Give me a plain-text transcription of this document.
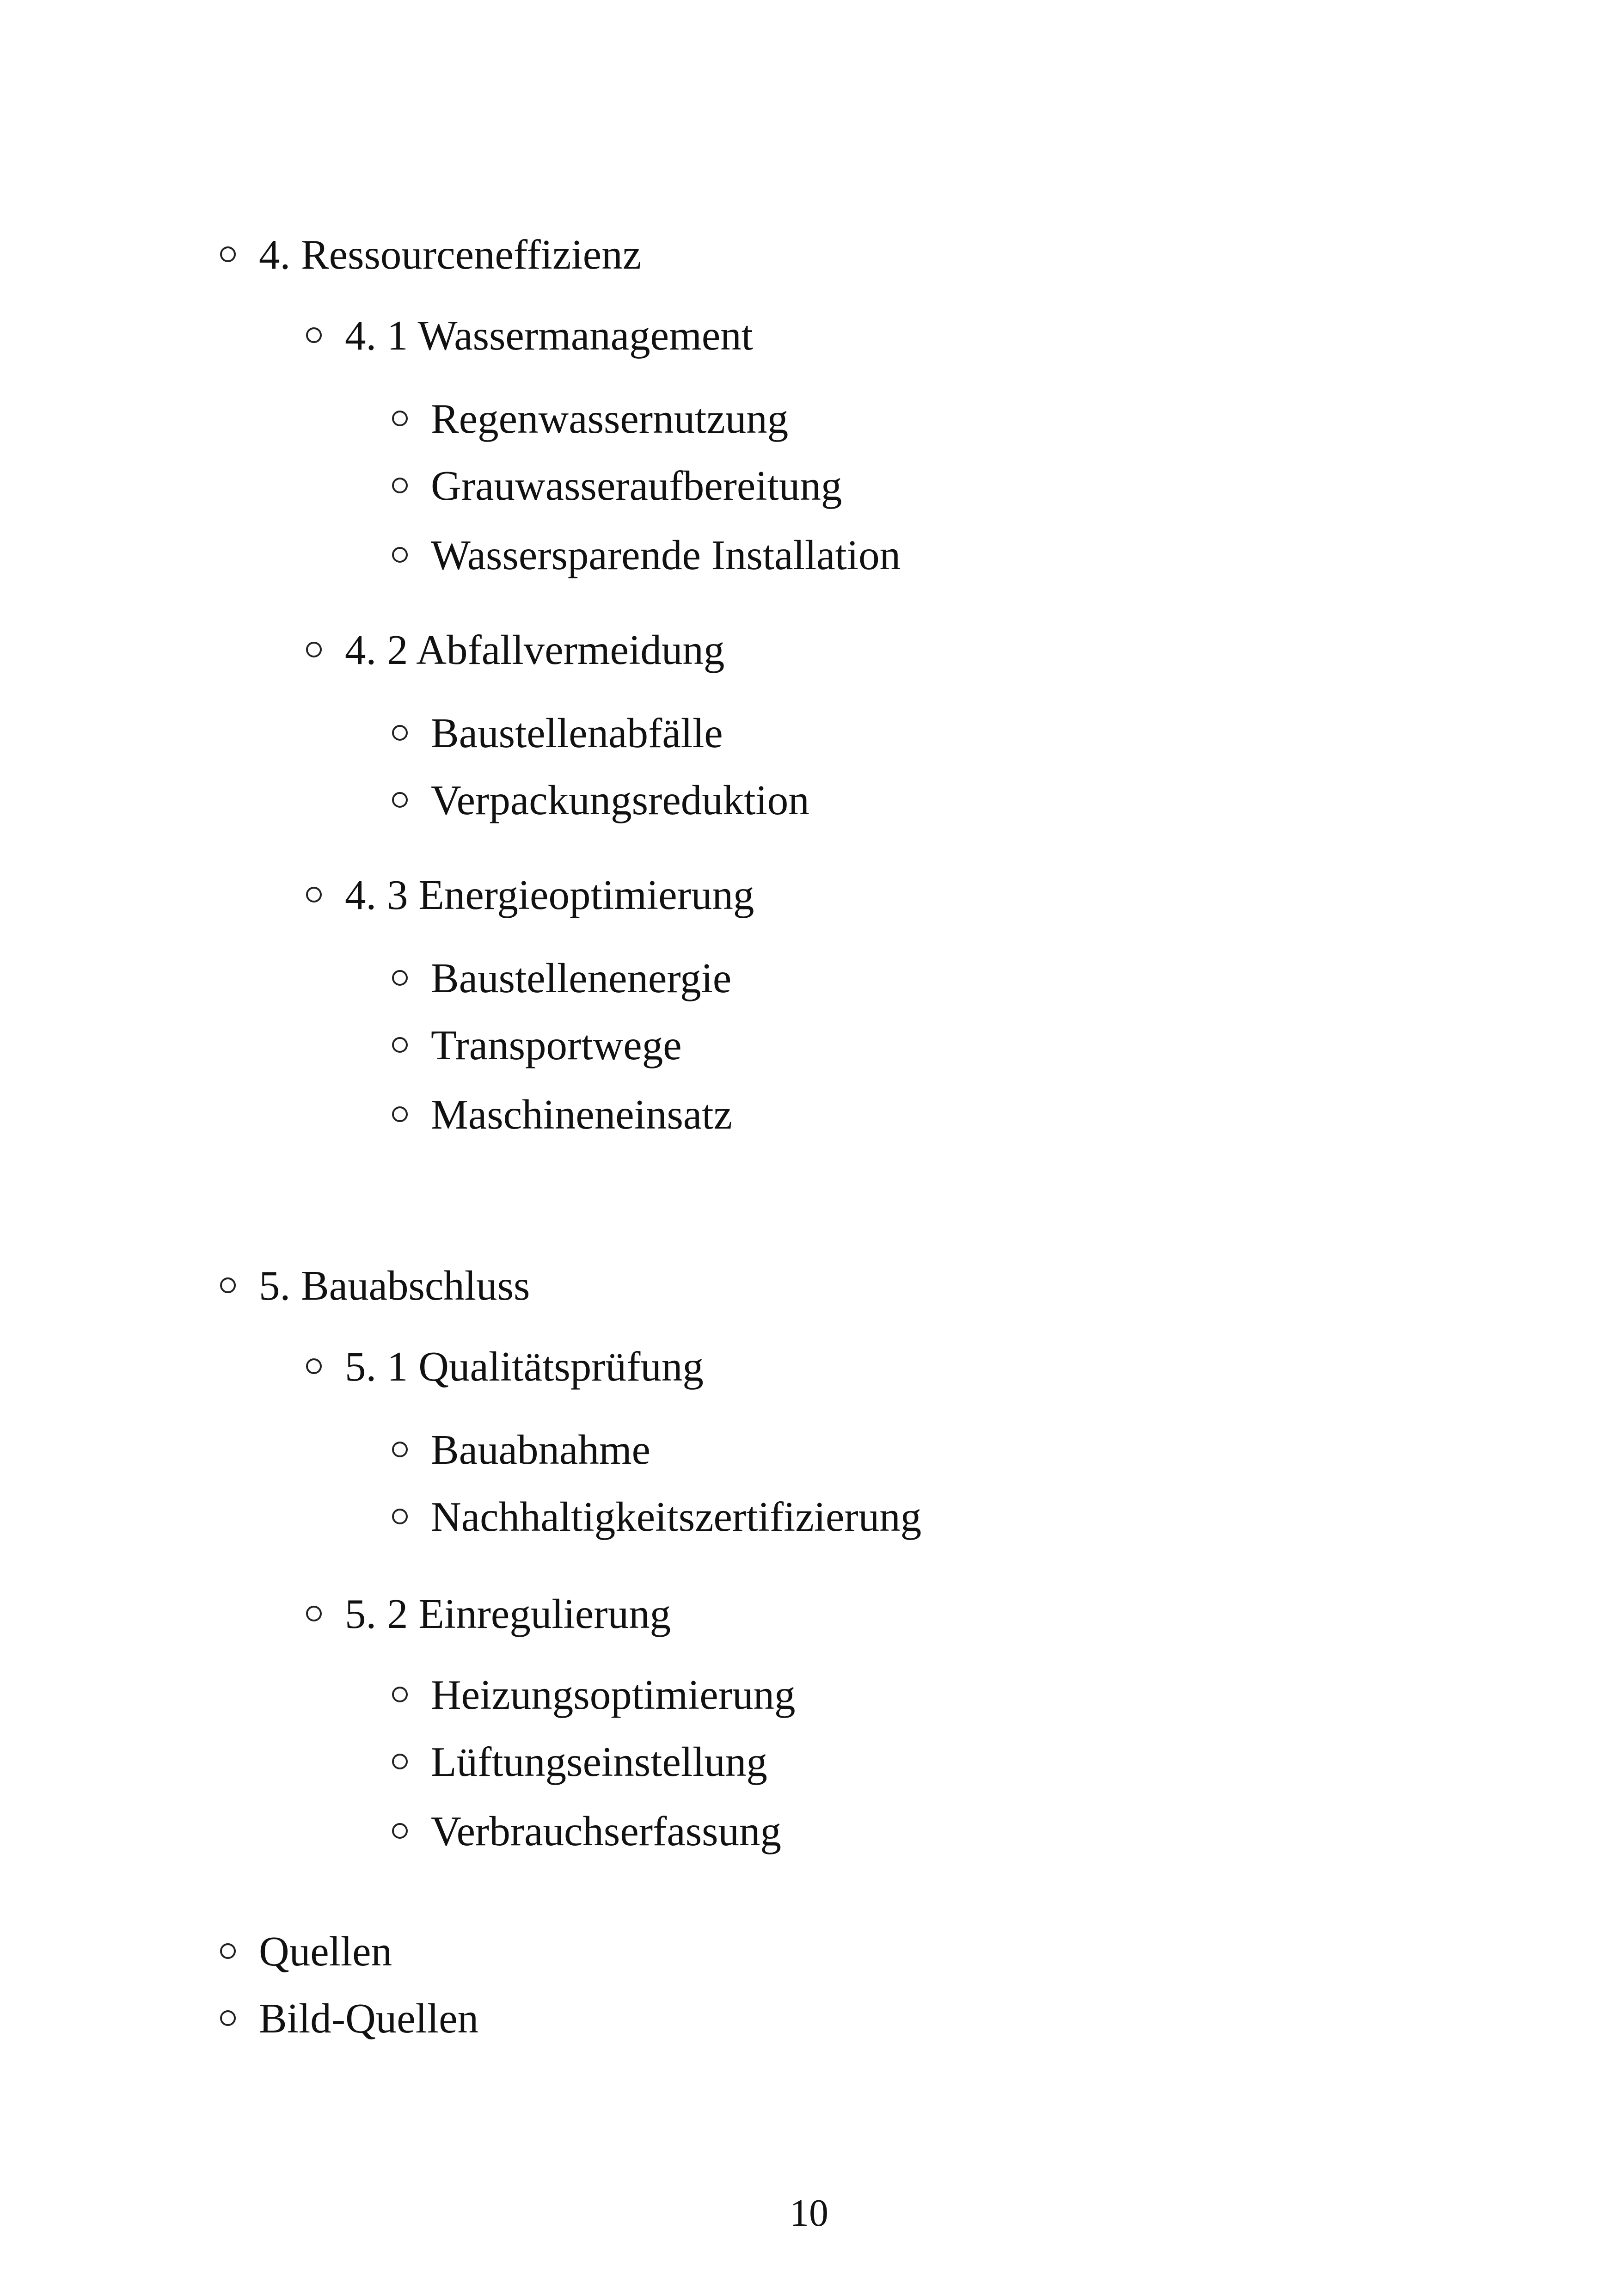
4. Ressourceneffizienz
4. 1 Wassermanagement
Regenwassernutzung
Grauwasseraufbereitung
Wassersparende Installation
4. 2 Abfallvermeidung
Baustellenabfälle
Verpackungsreduktion
4. 3 Energieoptimierung
Baustellenenergie
Transportwege
Maschineneinsatz
5. Bauabschluss
5. 1 Qualitätsprüfung
Bauabnahme
Nachhaltigkeitszertifizierung
5. 2 Einregulierung
Heizungsoptimierung
Lüftungseinstellung
Verbrauchserfassung
Quellen
Bild-Quellen
10
